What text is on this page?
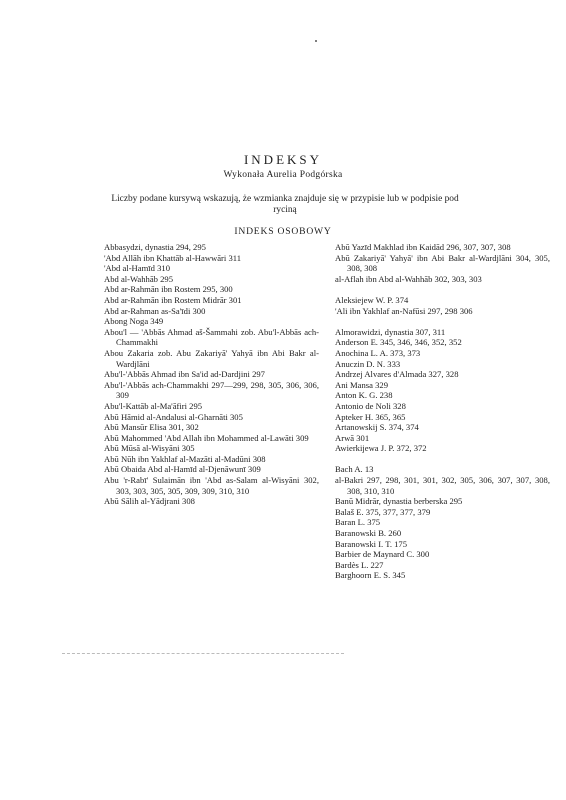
INDEKSY
Wykonała Aurelia Podgórska
Liczby podane kursywą wskazują, że wzmianka znajduje się w przypisie lub w podpisie pod ryciną
INDEKS OSOBOWY
Abbasydzi, dynastia 294, 295
'Abd Allāh ibn Khattāb al-Hawwāri 311
'Abd al-Hamīd 310
Abd al-Wahhāb 295
Abd ar-Rahmān ibn Rostem 295, 300
Abd ar-Rahmān ibn Rostem Midrār 301
Abd ar-Rahman as-Sa'īdi 300
Abong Noga 349
Abou'l — 'Abbās Ahmad aš-Šammahi zob. Abu'l-Abbās ach-Chammakhi
Abou Zakaria zob. Abu Zakariyā' Yahyā ibn Abi Bakr al-Wardjlāni
Abu'l-'Abbās Ahmad ibn Sa'id ad-Dardjini 297
Abu'l-'Abbās ach-Chammakhi 297—299, 298, 305, 306, 306, 309
Abu'l-Kattāb al-Ma'āfiri 295
Abū Hāmid al-Andalusi al-Gharnāti 305
Abū Mansūr Elisa 301, 302
Abū Mahommed 'Abd Allah ibn Mohammed al-Lawāti 309
Abū Mūsā al-Wisyāni 305
Abū Nūh ibn Yakhlaf al-Mazāti al-Madūni 308
Abū Obaida Abd al-Hamīd al-Djenāwunī 309
Abu 'r-Rabī' Sulaimān ibn 'Abd as-Salam al-Wisyāni 302, 303, 303, 305, 305, 309, 309, 310, 310
Abū Sālih al-Yādjrani 308
Abū Yazīd Makhlad ibn Kaidād 296, 307, 307, 308
Abū Zakariyā' Yahyā' ibn Abi Bakr al-Wardjlāni 304, 305, 308, 308
al-Aflah ibn Abd al-Wahhāb 302, 303, 303
Aleksiejew W. P. 374
'Ali ibn Yakhlaf an-Nafūsi 297, 298 306
Almorawidzi, dynastia 307, 311
Anderson E. 345, 346, 346, 352, 352
Anochina L. A. 373, 373
Anuczin D. N. 333
Andrzej Alvares d'Almada 327, 328
Ani Mansa 329
Anton K. G. 238
Antonio de Noli 328
Apteker H. 365, 365
Artanowskij S. 374, 374
Arwā 301
Awierkijewa J. P. 372, 372
Bach A. 13
al-Bakri 297, 298, 301, 301, 302, 305, 306, 307, 307, 308, 308, 310, 310
Banū Midrār, dynastia berberska 295
Balaš E. 375, 377, 377, 379
Baran L. 375
Baranowski B. 260
Baranowski I. T. 175
Barbier de Maynard C. 300
Bardès L. 227
Barghoorn E. S. 345
